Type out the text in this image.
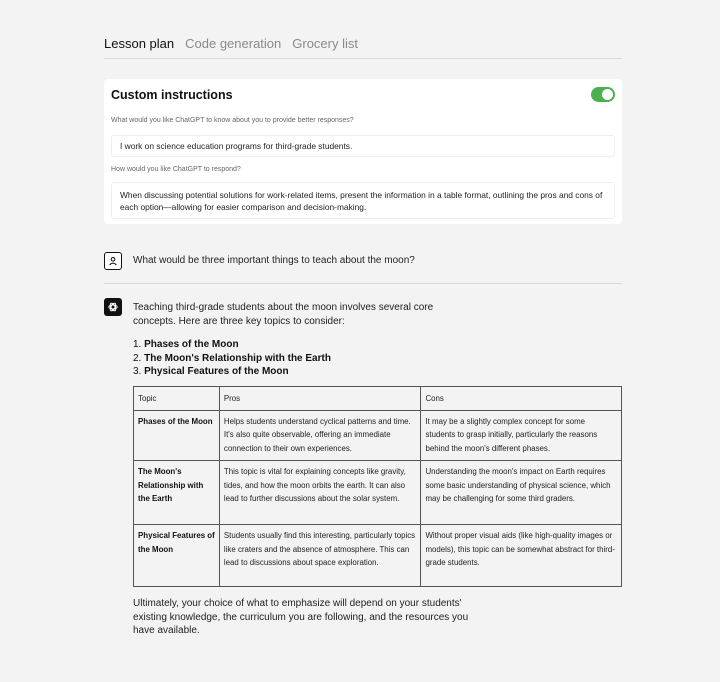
Lesson plan Code generation Grocery list
Custom instructions
What would you like ChatGPT to know about you to provide better responses?
I work on science education programs for third-grade students.
How would you like ChatGPT to respond?
When discussing potential solutions for work-related items, present the information in a table format, outlining the pros and cons of each option—allowing for easier comparison and decision-making.
What would be three important things to teach about the moon?
Teaching third-grade students about the moon involves several core concepts. Here are three key topics to consider:
1. Phases of the Moon
2. The Moon's Relationship with the Earth
3. Physical Features of the Moon
Topic	Pros	Cons
Phases of the Moon	Helps students understand cyclical patterns and time. It's also quite observable, offering an immediate connection to their own experiences.	It may be a slightly complex concept for some students to grasp initially, particularly the reasons behind the moon's different phases.
The Moon's Relationship with the Earth	This topic is vital for explaining concepts like gravity, tides, and how the moon orbits the earth. It can also lead to further discussions about the solar system.	Understanding the moon's impact on Earth requires some basic understanding of physical science, which may be challenging for some third graders.
Physical Features of the Moon	Students usually find this interesting, particularly topics like craters and the absence of atmosphere. This can lead to discussions about space exploration.	Without proper visual aids (like high-quality images or models), this topic can be somewhat abstract for third-grade students.
Ultimately, your choice of what to emphasize will depend on your students' existing knowledge, the curriculum you are following, and the resources you have available.
